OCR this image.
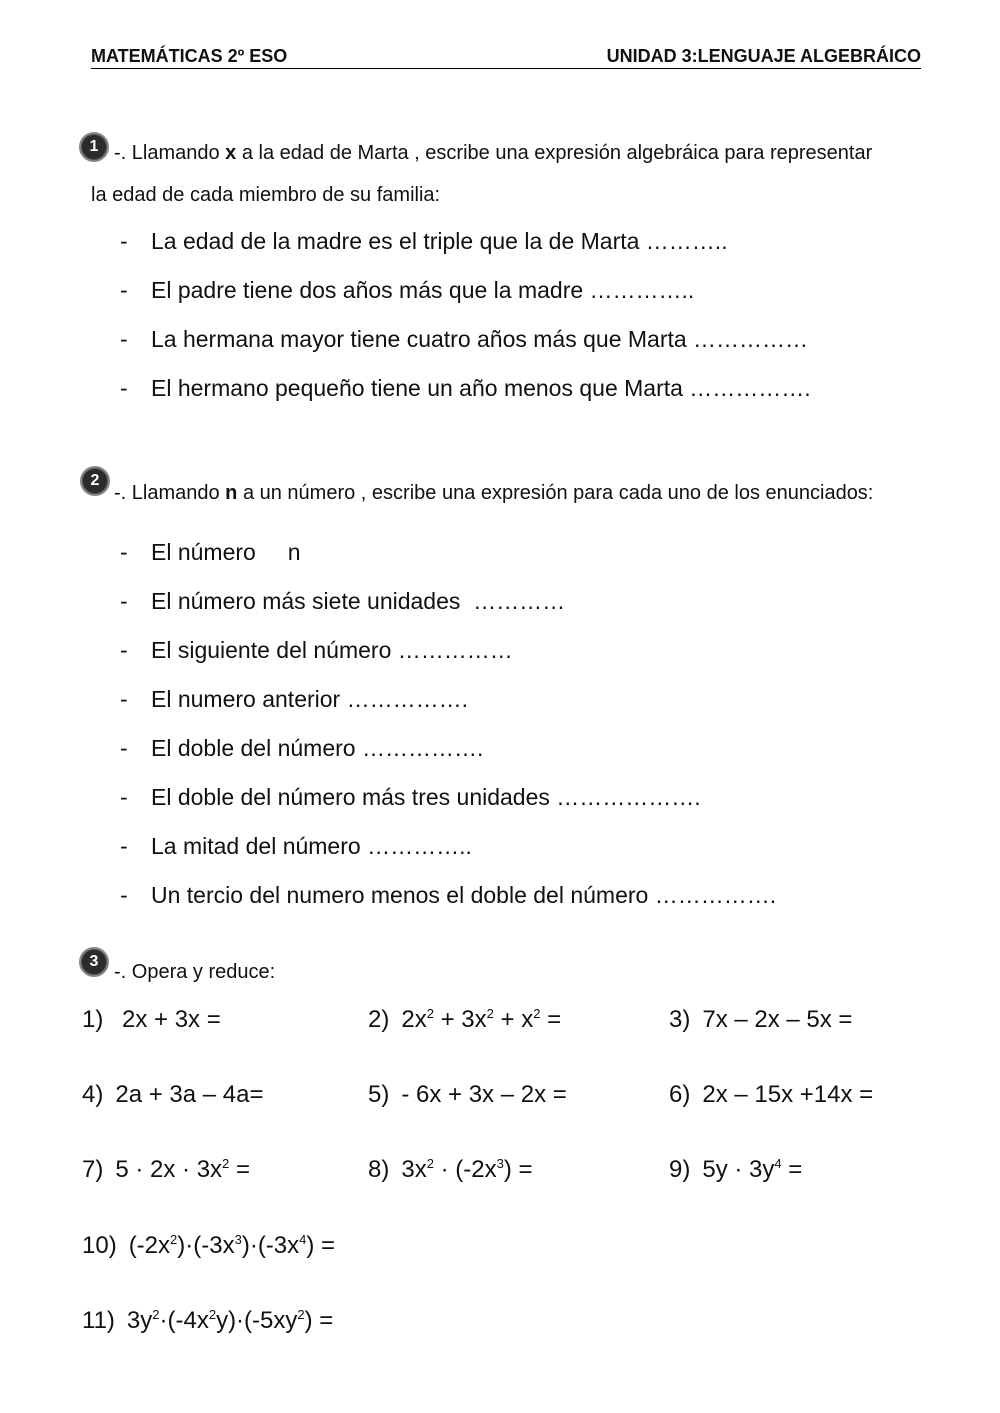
MATEMÁTICAS 2º ESO	UNIDAD 3:LENGUAJE ALGEBRÁICO
1 -. Llamando x a la edad de Marta , escribe una expresión algebráica para representar
la edad de cada miembro de su familia:
- La edad de la madre es el triple que la de Marta ………..
- El padre tiene dos años más que la madre …………..
- La hermana mayor tiene cuatro años más que Marta ……………
- El hermano pequeño tiene un año menos que Marta …………….
2
-. Llamando n a un número , escribe una expresión para cada uno de los enunciados:
- El número     n
- El número más siete unidades  …………
- El siguiente del número ……………
- El numero anterior …………….
- El doble del número …………….
- El doble del número más tres unidades ……………….
- La mitad del número …………..
- Un tercio del numero menos el doble del número …………….
3 -. Opera y reduce:
1) 2x + 3x =	2) $2x^2 + 3x^2 + x^2$ =	3) 7x – 2x – 5x =
4) 2a + 3a – 4a=	5) - 6x + 3x – 2x =	6) 2x – 15x +14x =
7) $5 \cdot 2x \cdot 3x^2$ =	8) $3x^2 \cdot (-2x^3)$ =	9) $5y \cdot 3y^4$ =
10) $(-2x^2)\cdot(-3x^3)\cdot(-3x^4)$ =
11) $3y^2\cdot(-4x^2y)\cdot(-5xy^2)$ =
